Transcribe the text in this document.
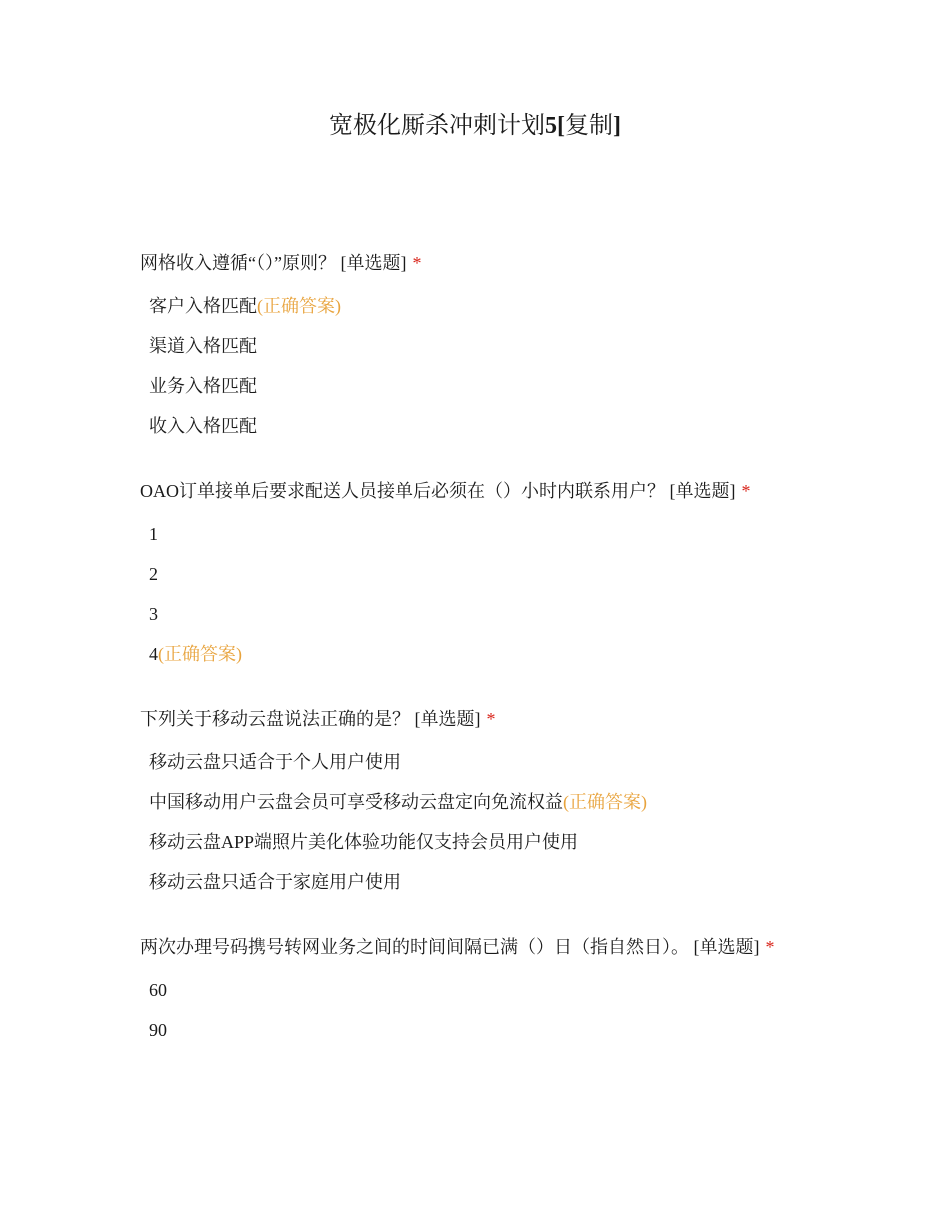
宽极化厮杀冲刺计划5[复制]
网格收入遵循“（）”原则？ [单选题] *
客户入格匹配(正确答案)
渠道入格匹配
业务入格匹配
收入入格匹配
OAO订单接单后要求配送人员接单后必须在（）小时内联系用户？ [单选题] *
1
2
3
4(正确答案)
下列关于移动云盘说法正确的是？ [单选题] *
移动云盘只适合于个人用户使用
中国移动用户云盘会员可享受移动云盘定向免流权益(正确答案)
移动云盘APP端照片美化体验功能仅支持会员用户使用
移动云盘只适合于家庭用户使用
两次办理号码携号转网业务之间的时间间隔已满（）日（指自然日）。 [单选题] *
60
90
